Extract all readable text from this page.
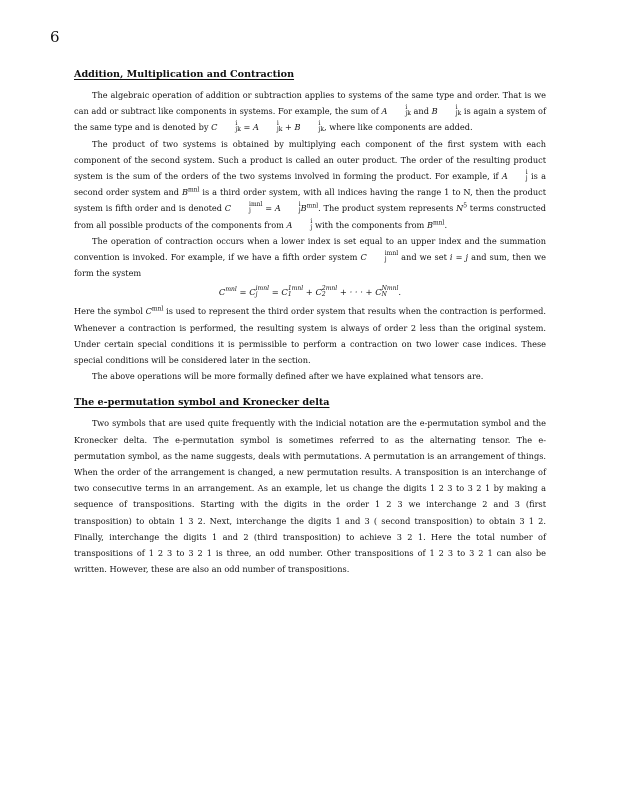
6
Addition, Multiplication and Contraction

The algebraic operation of addition or subtraction applies to systems of the same type and order. That is we can add or subtract like components in systems. For example, the sum of A	i
jk and B	i
jk is again a system of the same type and is denoted by C	i
jk = A	i
jk + B	i
jk , where like components are added.

The product of two systems is obtained by multiplying each component of the first system with each component of the second system. Such a product is called an outer product. The order of the resulting product system is the sum of the orders of the two systems involved in forming the product. For example, if A	i
j is a second order system and $B^{mnl}$ is a third order system, with all indices having the range 1 to N, then the product system is fifth order and is denoted C	imnl
j	= A	i
j $B^{mnl}$. The product system represents $N^5$ terms constructed from all possible products of the components from A	i
j with the components from $B^{mnl}$.

The operation of contraction occurs when a lower index is set equal to an upper index and the summation convention is invoked. For example, if we have a fifth order system C	imnl
j	and we set i = j and sum, then we form the system

$C^{mnl} = C$ imnl
j	= C 1mnl
1	+ C 2mnl
2	+ · · · + C Nmnl
N	.

Here the symbol $C^{mnl}$ is used to represent the third order system that results when the contraction is performed. Whenever a contraction is performed, the resulting system is always of order 2 less than the original system. Under certain special conditions it is permissible to perform a contraction on two lower case indices. These special conditions will be considered later in the section.

The above operations will be more formally defined after we have explained what tensors are.

The e-permutation symbol and Kronecker delta

Two symbols that are used quite frequently with the indicial notation are the e-permutation symbol and the Kronecker delta. The e-permutation symbol is sometimes referred to as the alternating tensor. The e-permutation symbol, as the name suggests, deals with permutations. A permutation is an arrangement of things. When the order of the arrangement is changed, a new permutation results. A transposition is an interchange of two consecutive terms in an arrangement. As an example, let us change the digits 1 2 3 to 3 2 1 by making a sequence of transpositions. Starting with the digits in the order 1 2 3 we interchange 2 and 3 (first transposition) to obtain 1 3 2. Next, interchange the digits 1 and 3 ( second transposition) to obtain 3 1 2. Finally, interchange the digits 1 and 2 (third transposition) to achieve 3 2 1. Here the total number of transpositions of 1 2 3 to 3 2 1 is three, an odd number. Other transpositions of 1 2 3 to 3 2 1 can also be written. However, these are also an odd number of transpositions.
